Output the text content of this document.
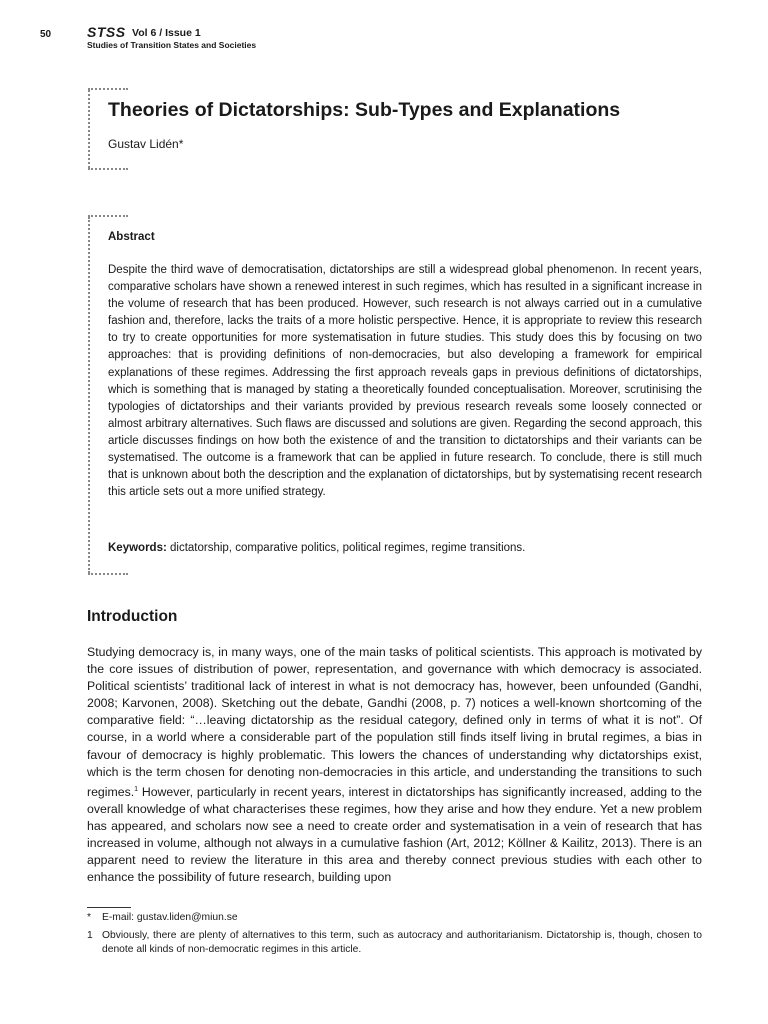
50	STSS Vol 6 / Issue 1
Studies of Transition States and Societies
Theories of Dictatorships: Sub-Types and Explanations
Gustav Lidén*
Abstract

Despite the third wave of democratisation, dictatorships are still a widespread global phenomenon. In recent years, comparative scholars have shown a renewed interest in such regimes, which has resulted in a significant increase in the volume of research that has been produced. However, such research is not always carried out in a cumulative fashion and, therefore, lacks the traits of a more holistic perspective. Hence, it is appropriate to review this research to try to create opportunities for more systematisation in future studies. This study does this by focusing on two approaches: that is providing definitions of non-democracies, but also developing a framework for empirical explanations of these regimes. Addressing the first approach reveals gaps in previous definitions of dictatorships, which is something that is managed by stating a theoretically founded conceptualisation. Moreover, scrutinising the typologies of dictatorships and their variants provided by previous research reveals some loosely connected or almost arbitrary alternatives. Such flaws are discussed and solutions are given. Regarding the second approach, this article discusses findings on how both the existence of and the transition to dictatorships and their variants can be systematised. The outcome is a framework that can be applied in future research. To conclude, there is still much that is unknown about both the description and the explanation of dictatorships, but by systematising recent research this article sets out a more unified strategy.

Keywords: dictatorship, comparative politics, political regimes, regime transitions.

Introduction

Studying democracy is, in many ways, one of the main tasks of political scientists. This approach is motivated by the core issues of distribution of power, representation, and governance with which democracy is associated. Political scientists’ traditional lack of interest in what is not democracy has, however, been unfounded (Gandhi, 2008; Karvonen, 2008). Sketching out the debate, Gandhi (2008, p. 7) notices a well-known shortcoming of the comparative field: “…leaving dictatorship as the residual category, defined only in terms of what it is not”. Of course, in a world where a considerable part of the population still finds itself living in brutal regimes, a bias in favour of democracy is highly problematic. This lowers the chances of understanding why dictatorships exist, which is the term chosen for denoting non-democracies in this article, and understanding the transitions to such regimes.$^1$ However, particularly in recent years, interest in dictatorships has significantly increased, adding to the overall knowledge of what characterises these regimes, how they arise and how they endure. Yet a new problem has appeared, and scholars now see a need to create order and systematisation in a vein of research that has increased in volume, although not always in a cumulative fashion (Art, 2012; Köllner & Kailitz, 2013). There is an apparent need to review the literature in this area and thereby connect previous studies with each other to enhance the possibility of future research, building upon

*	E-mail: gustav.liden@miun.se
1 Obviously, there are plenty of alternatives to this term, such as autocracy and authoritarianism. Dictatorship is, though, chosen to denote all kinds of non-democratic regimes in this article.
